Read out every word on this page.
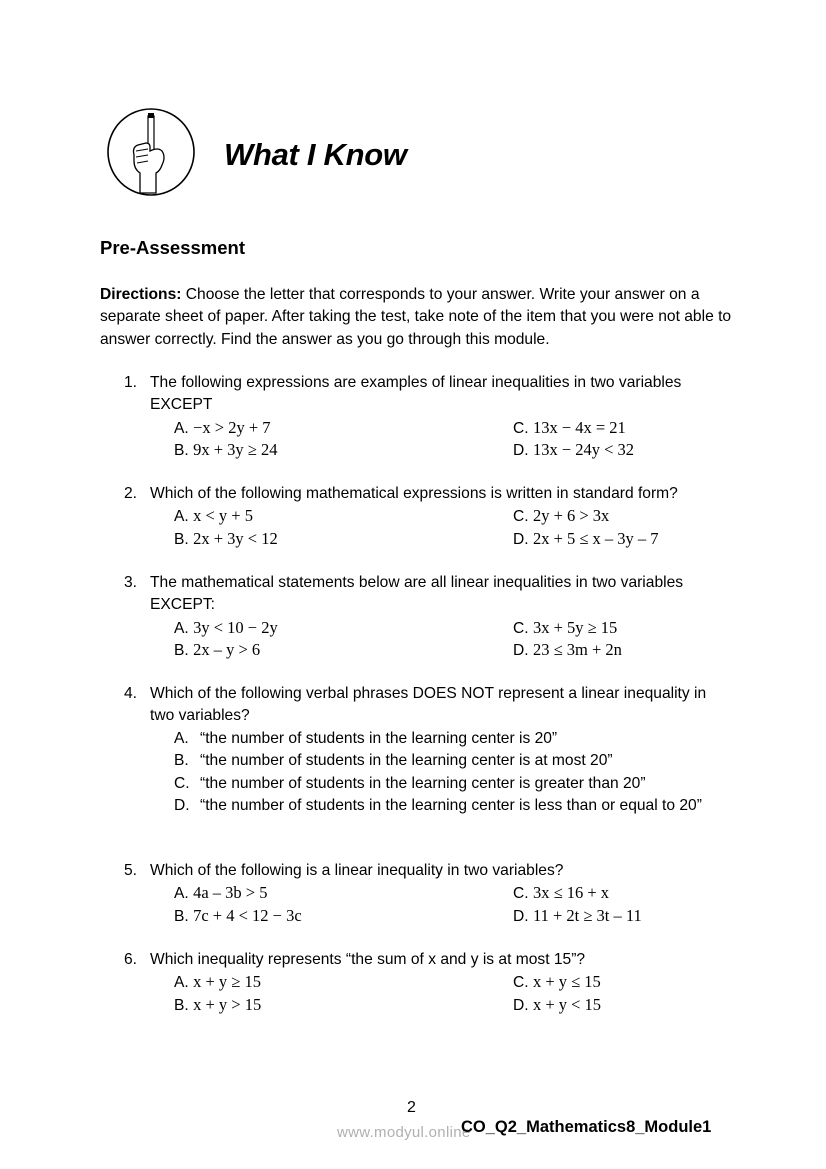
What I Know
Pre-Assessment
Directions: Choose the letter that corresponds to your answer. Write your answer on a separate sheet of paper. After taking the test, take note of the item that you were not able to answer correctly. Find the answer as you go through this module.
1. The following expressions are examples of linear inequalities in two variables EXCEPT
A. −x > 2y + 7
B. 9x + 3y ≥ 24
C. 13x − 4x = 21
D. 13x − 24y < 32
2. Which of the following mathematical expressions is written in standard form?
A. x < y + 5
B. 2x + 3y < 12
C. 2y + 6 > 3x
D. 2x + 5 ≤ x – 3y – 7
3. The mathematical statements below are all linear inequalities in two variables EXCEPT:
A. 3y < 10 − 2y
B. 2x – y > 6
C. 3x + 5y ≥ 15
D. 23 ≤ 3m + 2n
4. Which of the following verbal phrases DOES NOT represent a linear inequality in two variables?
A. “the number of students in the learning center is 20”
B. “the number of students in the learning center is at most 20”
C. “the number of students in the learning center is greater than 20”
D. “the number of students in the learning center is less than or equal to 20”
5. Which of the following is a linear inequality in two variables?
A. 4a – 3b > 5
B. 7c + 4 < 12 − 3c
C. 3x ≤ 16 + x
D. 11 + 2t ≥ 3t – 11
6. Which inequality represents “the sum of x and y is at most 15”?
A. x + y ≥ 15
B. x + y > 15
C. x + y ≤ 15
D. x + y < 15
2
www.modyul.online
CO_Q2_Mathematics8_Module1
